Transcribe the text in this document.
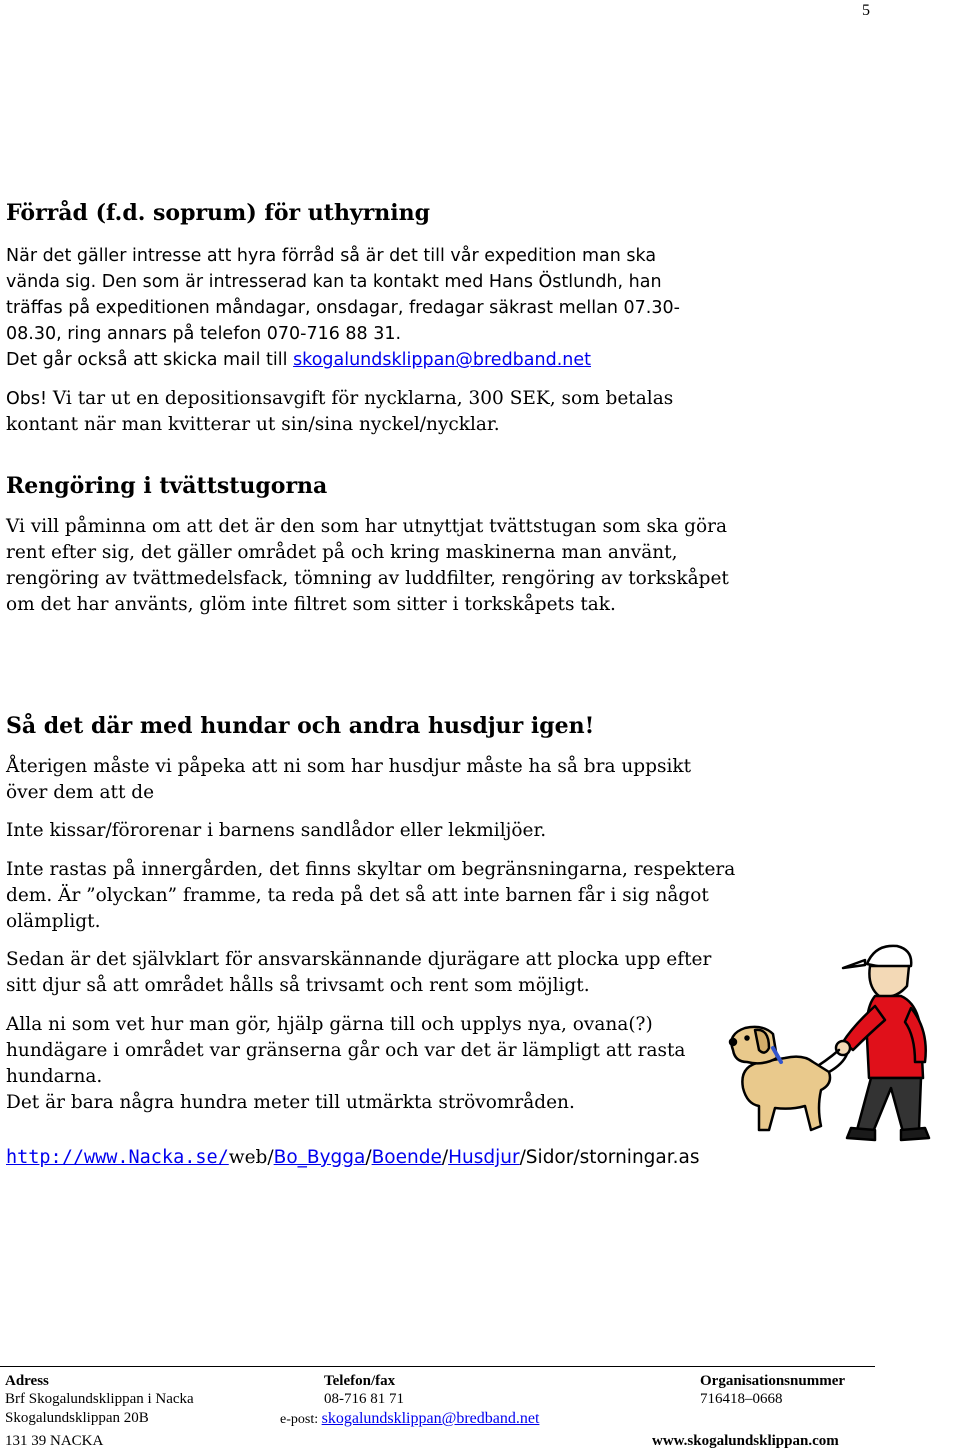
5
Förråd (f.d. soprum) för uthyrning
När det gäller intresse att hyra förråd så är det till vår expedition man ska
vända sig. Den som är intresserad kan ta kontakt med Hans Östlundh, han
träffas på expeditionen måndagar, onsdagar, fredagar säkrast mellan 07.30-
08.30, ring annars på telefon 070-716 88 31.
Det går också att skicka mail till skogalundsklippan@bredband.net
Obs! Vi tar ut en depositionsavgift för nycklarna, 300 SEK, som betalas
kontant när man kvitterar ut sin/sina nyckel/nycklar.
Rengöring i tvättstugorna
Vi vill påminna om att det är den som har utnyttjat tvättstugan som ska göra
rent efter sig, det gäller området på och kring maskinerna man använt,
rengöring av tvättmedelsfack, tömning av luddfilter, rengöring av torkskåpet
om det har använts, glöm inte filtret som sitter i torkskåpets tak.
Så det där med hundar och andra husdjur igen!
Återigen måste vi påpeka att ni som har husdjur måste ha så bra uppsikt
över dem att de
Inte kissar/förorenar i barnens sandlådor eller lekmiljöer.
Inte rastas på innergården, det finns skyltar om begränsningarna, respektera
dem. Är ”olyckan” framme, ta reda på det så att inte barnen får i sig något
olämpligt.
Sedan är det självklart för ansvarskännande djurägare att plocka upp efter
sitt djur så att området hålls så trivsamt och rent som möjligt.
Alla ni som vet hur man gör, hjälp gärna till och upplys nya, ovana(?)
hundägare i området var gränserna går och var det är lämpligt att rasta
hundarna.
Det är bara några hundra meter till utmärkta strövområden.
http://www.Nacka.se/web/Bo_Bygga/Boende/Husdjur/Sidor/storningar.as
Adress
Brf Skogalundsklippan i Nacka
Skogalundsklippan 20B
131 39 NACKA
Telefon/fax
08-716 81 71
e-post: skogalundsklippan@bredband.net
Organisationsnummer
716418–0668
www.skogalundsklippan.com
